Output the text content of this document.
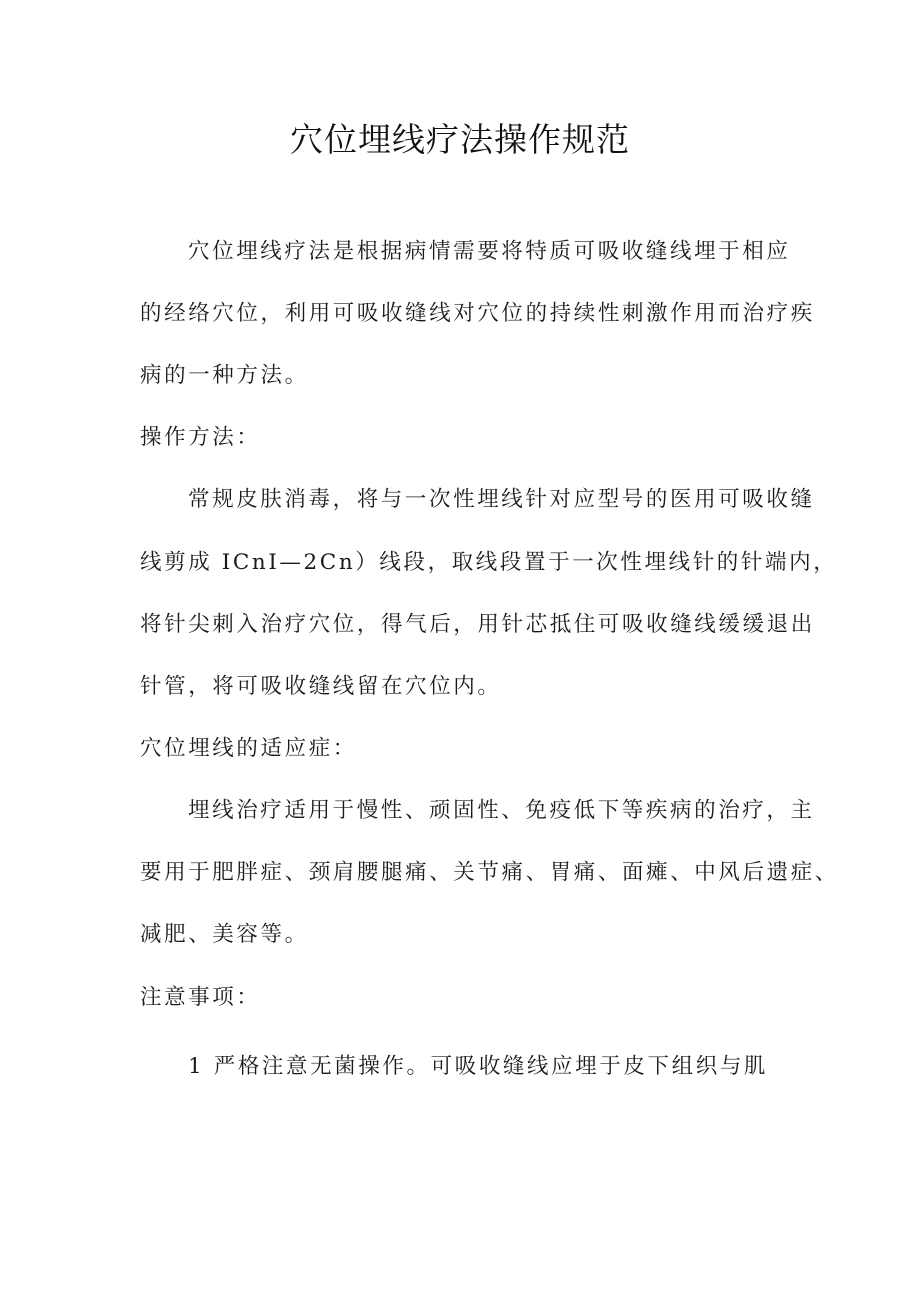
穴位埋线疗法操作规范
穴位埋线疗法是根据病情需要将特质可吸收缝线埋于相应
的经络穴位，利用可吸收缝线对穴位的持续性刺激作用而治疗疾
病的一种方法。
操作方法：
常规皮肤消毒，将与一次性埋线针对应型号的医用可吸收缝
线剪成 ICnI—2Cn）线段，取线段置于一次性埋线针的针端内，
将针尖刺入治疗穴位，得气后，用针芯抵住可吸收缝线缓缓退出
针管，将可吸收缝线留在穴位内。
穴位埋线的适应症：
埋线治疗适用于慢性、顽固性、免疫低下等疾病的治疗，主
要用于肥胖症、颈肩腰腿痛、关节痛、胃痛、面瘫、中风后遗症、
减肥、美容等。
注意事项：
1 严格注意无菌操作。可吸收缝线应埋于皮下组织与肌
